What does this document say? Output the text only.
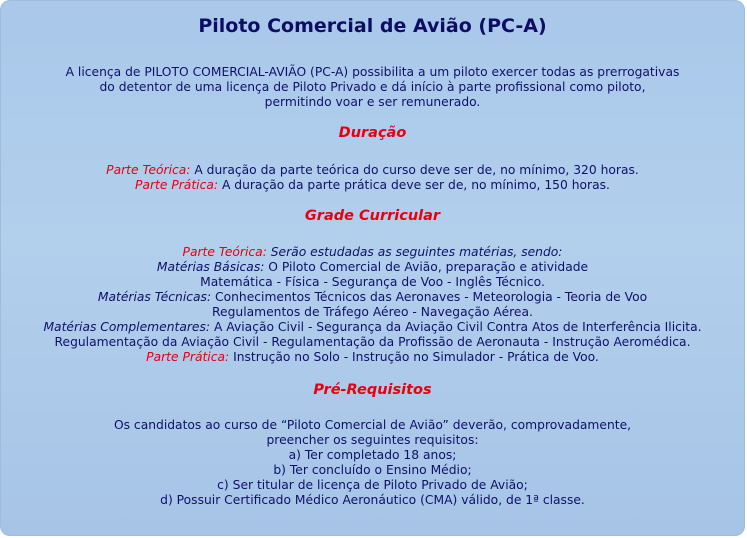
Piloto Comercial de Avião (PC-A)
A licença de PILOTO COMERCIAL-AVIÃO (PC-A) possibilita a um piloto exercer todas as prerrogativas
do detentor de uma licença de Piloto Privado e dá início à parte profissional como piloto,
permitindo voar e ser remunerado.
Duração
Parte Teórica: A duração da parte teórica do curso deve ser de, no mínimo, 320 horas.
Parte Prática: A duração da parte prática deve ser de, no mínimo, 150 horas.
Grade Curricular
Parte Teórica: Serão estudadas as seguintes matérias, sendo:
Matérias Básicas: O Piloto Comercial de Avião, preparação e atividade
Matemática - Física - Segurança de Voo - Inglês Técnico.
Matérias Técnicas: Conhecimentos Técnicos das Aeronaves - Meteorologia - Teoria de Voo
Regulamentos de Tráfego Aéreo - Navegação Aérea.
Matérias Complementares: A Aviação Civil - Segurança da Aviação Civil Contra Atos de Interferência Ilicita.
Regulamentação da Aviação Civil - Regulamentação da Profissão de Aeronauta - Instrução Aeromédica.
Parte Prática: Instrução no Solo - Instrução no Simulador - Prática de Voo.
Pré-Requisitos
Os candidatos ao curso de “Piloto Comercial de Avião” deverão, comprovadamente,
preencher os seguintes requisitos:
a) Ter completado 18 anos;
b) Ter concluído o Ensino Médio;
c) Ser titular de licença de Piloto Privado de Avião;
d) Possuir Certificado Médico Aeronáutico (CMA) válido, de 1ª classe.
